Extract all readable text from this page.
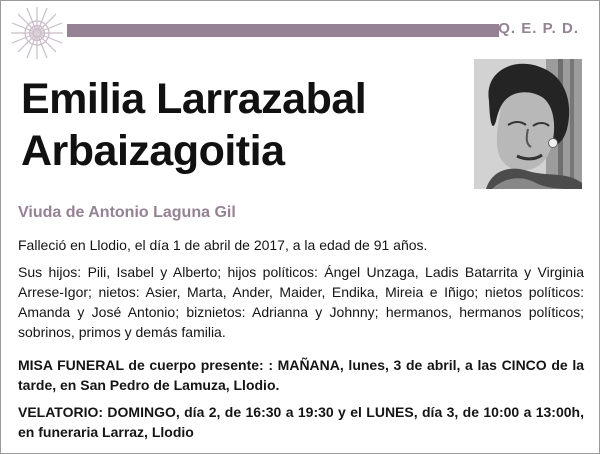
Q. E. P. D.
Emilia Larrazabal
Arbaizagoitia
Viuda de Antonio Laguna Gil
Falleció en Llodio, el día 1 de abril de 2017, a la edad de 91 años.
Sus hijos: Pili, Isabel y Alberto; hijos políticos: Ángel Unzaga, Ladis Batarrita y Virginia Arrese-Igor; nietos: Asier, Marta, Ander, Maider, Endika, Mireia e Iñigo; nietos políticos: Amanda y José Antonio; biznietos: Adrianna y Johnny; hermanos, hermanos políticos; sobrinos, primos y demás familia.
MISA FUNERAL de cuerpo presente: : MAÑANA, lunes, 3 de abril, a las CINCO de la tarde, en San Pedro de Lamuza, Llodio.
VELATORIO: DOMINGO, día 2, de 16:30 a 19:30 y el LUNES, día 3, de 10:00 a 13:00h, en funeraria Larraz, Llodio
